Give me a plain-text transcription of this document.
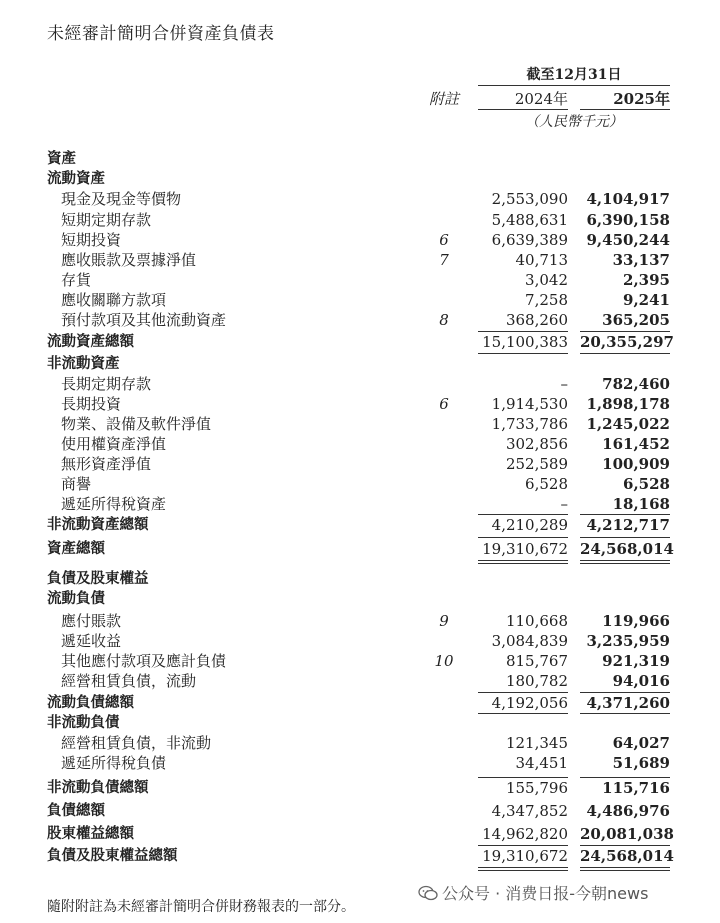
未經審計簡明合併資產負債表
截至12月31日
附註	2024年	2025年
（人民幣千元）
資產
流動資產
現金及現金等價物	2,553,090	4,104,917
短期定期存款	5,488,631	6,390,158
短期投資	6	6,639,389	9,450,244
應收賬款及票據淨值	7	40,713	33,137
存貨	3,042	2,395
應收關聯方款項	7,258	9,241
預付款項及其他流動資產	8	368,260	365,205
流動資產總額	15,100,383 20,355,297
非流動資產
長期定期存款	–	782,460
長期投資	6	1,914,530	1,898,178
物業、設備及軟件淨值	1,733,786	1,245,022
使用權資產淨值	302,856	161,452
無形資產淨值	252,589	100,909
商譽	6,528	6,528
遞延所得稅資產	–	18,168
非流動資產總額	4,210,289	4,212,717
資產總額	19,310,672 24,568,014
負債及股東權益
流動負債
應付賬款	9	110,668	119,966
遞延收益	3,084,839	3,235,959
其他應付款項及應計負債	10	815,767	921,319
經營租賃負債，流動	180,782	94,016
流動負債總額	4,192,056	4,371,260
非流動負債
經營租賃負債，非流動	121,345	64,027
遞延所得稅負債	34,451	51,689
非流動負債總額	155,796	115,716
負債總額	4,347,852	4,486,976
股東權益總額	14,962,820 20,081,038
負債及股東權益總額	19,310,672 24,568,014
隨附附註為未經審計簡明合併財務報表的一部分。
公众号 · 消费日报-今朝news
